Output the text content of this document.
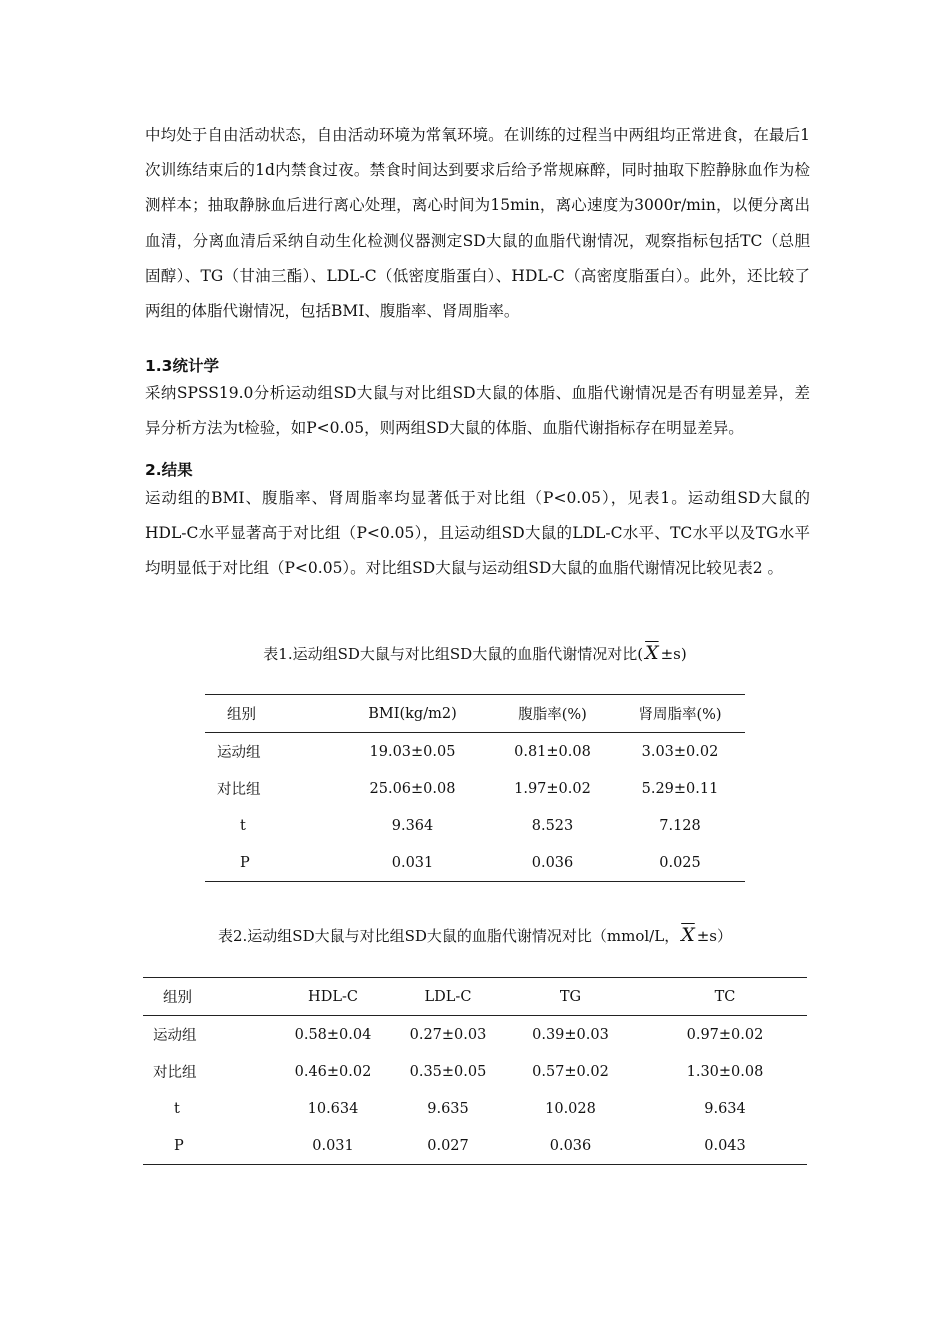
中均处于自由活动状态，自由活动环境为常氧环境。在训练的过程当中两组均正常进食，在最后1次训练结束后的1d内禁食过夜。禁食时间达到要求后给予常规麻醉，同时抽取下腔静脉血作为检测样本；抽取静脉血后进行离心处理，离心时间为15min，离心速度为3000r/min，以便分离出血清，分离血清后采纳自动生化检测仪器测定SD大鼠的血脂代谢情况，观察指标包括TC（总胆固醇）、TG（甘油三酯）、LDL-C（低密度脂蛋白）、HDL-C（高密度脂蛋白）。此外，还比较了两组的体脂代谢情况，包括BMI、腹脂率、肾周脂率。

1.3统计学

采纳SPSS19.0分析运动组SD大鼠与对比组SD大鼠的体脂、血脂代谢情况是否有明显差异，差异分析方法为t检验，如P<0.05，则两组SD大鼠的体脂、血脂代谢指标存在明显差异。

2.结果

运动组的BMI、腹脂率、肾周脂率均显著低于对比组（P<0.05），见表1。运动组SD大鼠的HDL-C水平显著高于对比组（P<0.05），且运动组SD大鼠的LDL-C水平、TC水平以及TG水平均明显低于对比组（P<0.05）。对比组SD大鼠与运动组SD大鼠的血脂代谢情况比较见表2 。

表1.运动组SD大鼠与对比组SD大鼠的血脂代谢情况对比( $\overline{X} \pm s$)

组别	BMI(kg/m2)	腹脂率(%)	肾周脂率(%)
运动组	19.03±0.05	0.81±0.08	3.03±0.02
对比组	25.06±0.08	1.97±0.02	5.29±0.11
t	9.364	8.523	7.128
P	0.031	0.036	0.025

表2.运动组SD大鼠与对比组SD大鼠的血脂代谢情况对比（mmol/L， $\overline{X} \pm s$）

组别	HDL-C	LDL-C	TG	TC
运动组	0.58±0.04	0.27±0.03	0.39±0.03	0.97±0.02
对比组	0.46±0.02	0.35±0.05	0.57±0.02	1.30±0.08
t	10.634	9.635	10.028	9.634
P	0.031	0.027	0.036	0.043
